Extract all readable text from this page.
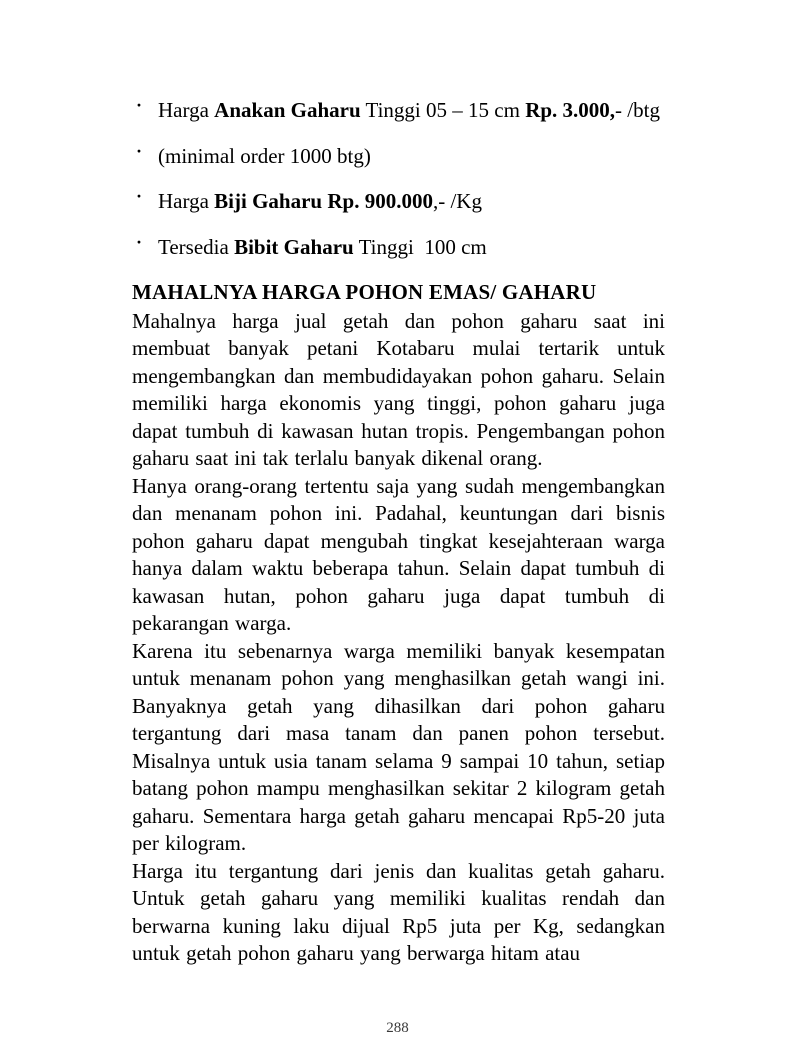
· Harga Anakan Gaharu Tinggi 05 – 15 cm Rp. 3.000,- /btg
· (minimal order 1000 btg)
· Harga Biji Gaharu Rp. 900.000,- /Kg
· Tersedia Bibit Gaharu Tinggi  100 cm
MAHALNYA HARGA POHON EMAS/ GAHARU

Mahalnya harga jual getah dan pohon gaharu saat ini membuat banyak petani Kotabaru mulai tertarik untuk mengembangkan dan membudidayakan pohon gaharu. Selain memiliki harga ekonomis yang tinggi, pohon gaharu juga dapat tumbuh di kawasan hutan tropis. Pengembangan pohon gaharu saat ini tak terlalu banyak dikenal orang.

Hanya orang-orang tertentu saja yang sudah mengembangkan dan menanam pohon ini. Padahal, keuntungan dari bisnis pohon gaharu dapat mengubah tingkat kesejahteraan warga hanya dalam waktu beberapa tahun. Selain dapat tumbuh di kawasan hutan, pohon gaharu juga dapat tumbuh di pekarangan warga.

Karena itu sebenarnya warga memiliki banyak kesempatan untuk menanam pohon yang menghasilkan getah wangi ini. Banyaknya getah yang dihasilkan dari pohon gaharu tergantung dari masa tanam dan panen pohon tersebut. Misalnya untuk usia tanam selama 9 sampai 10 tahun, setiap batang pohon mampu menghasilkan sekitar 2 kilogram getah gaharu. Sementara harga getah gaharu mencapai Rp5-20 juta per kilogram.

Harga itu tergantung dari jenis dan kualitas getah gaharu. Untuk getah gaharu yang memiliki kualitas rendah dan berwarna kuning laku dijual Rp5 juta per Kg, sedangkan untuk getah pohon gaharu yang berwarga hitam atau

288
